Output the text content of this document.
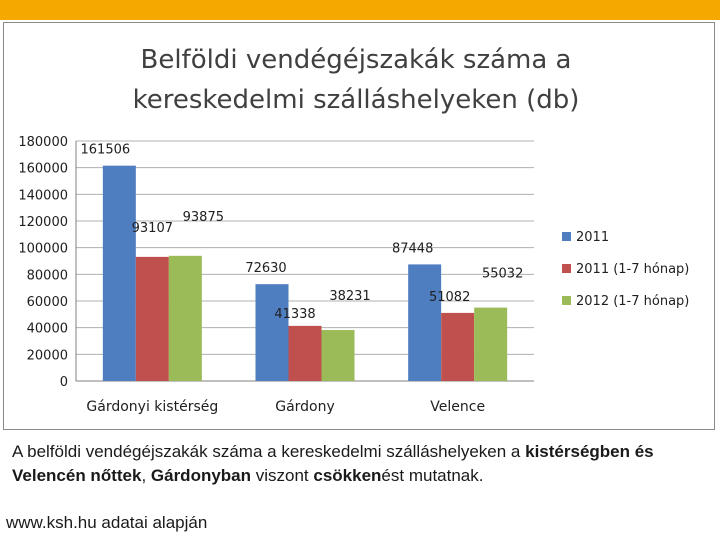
Belföldi vendégéjszakák száma a
kereskedelmi szálláshelyeken (db)
0
20000
40000
60000
80000
100000
120000
140000
160000
180000
161506
93107
93875
Gárdonyi kistérség
72630
41338
38231
Gárdony
87448
51082
55032
Velence
2011
2011 (1-7 hónap)
2012 (1-7 hónap)
A belföldi vendégéjszakák száma a kereskedelmi szálláshelyeken a kistérségben és Velencén nőttek, Gárdonyban viszont csökkenést mutatnak.
www.ksh.hu adatai alapján
